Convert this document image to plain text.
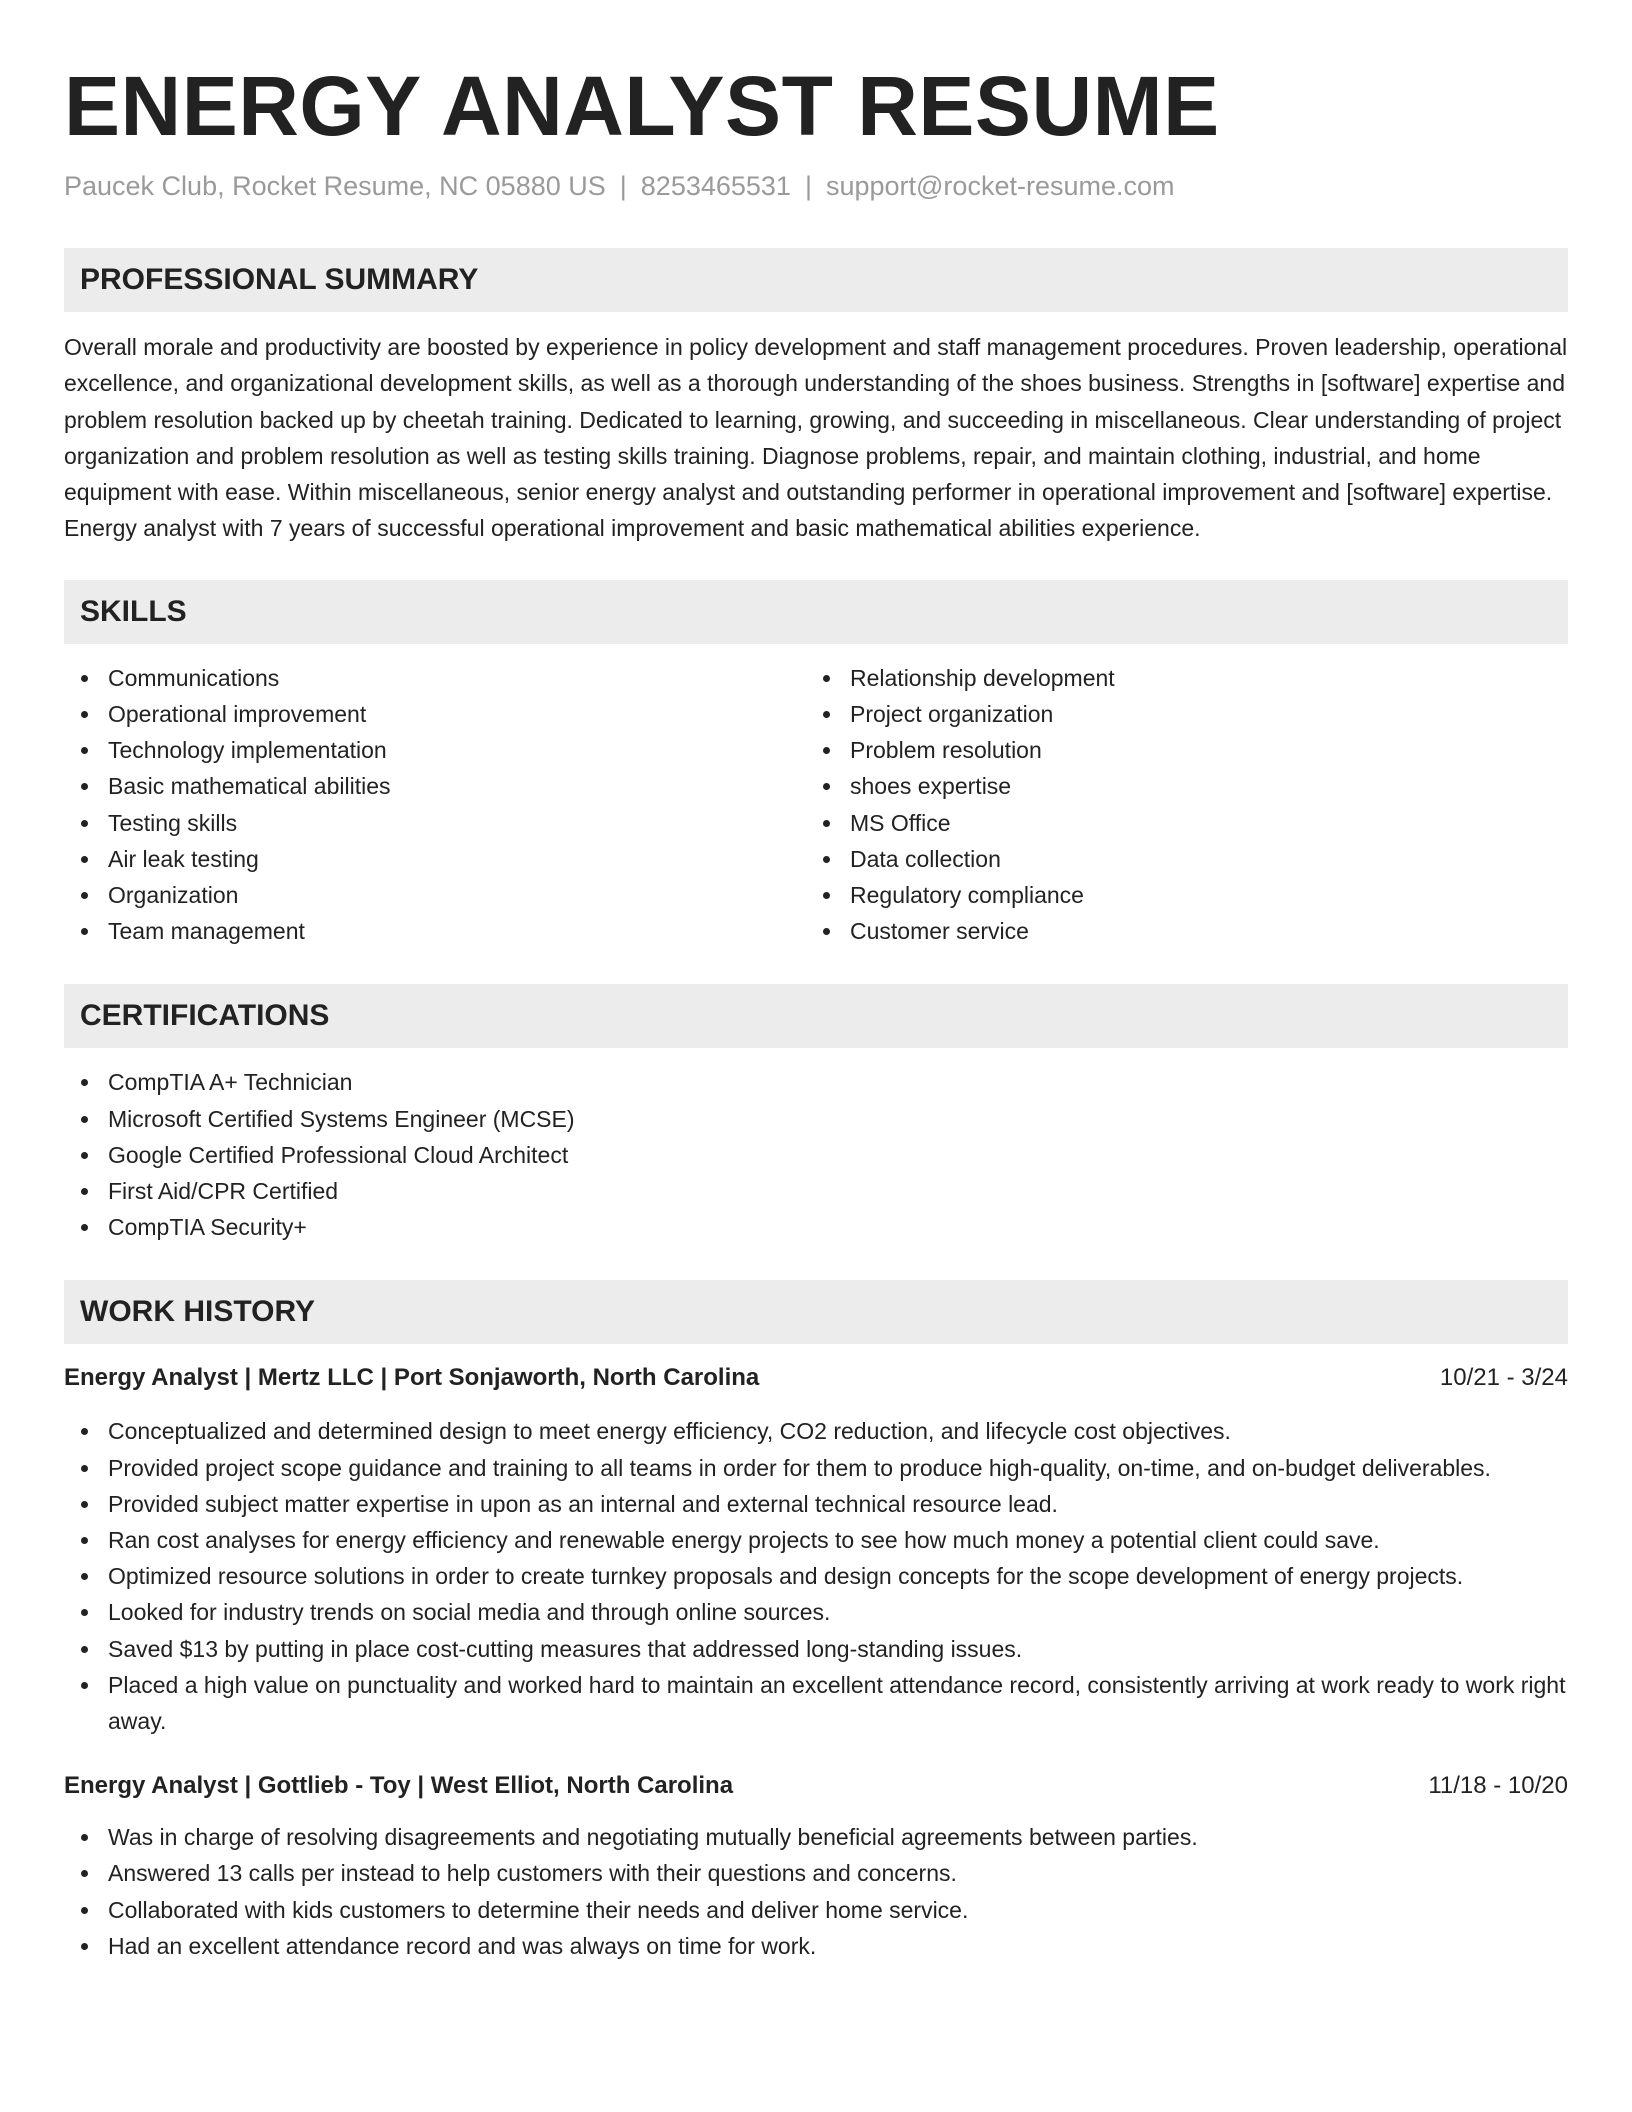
ENERGY ANALYST RESUME
Paucek Club, Rocket Resume, NC 05880 US | 8253465531 | support@rocket-resume.com
PROFESSIONAL SUMMARY

Overall morale and productivity are boosted by experience in policy development and staff management procedures. Proven leadership, operational excellence, and organizational development skills, as well as a thorough understanding of the shoes business. Strengths in [software] expertise and problem resolution backed up by cheetah training. Dedicated to learning, growing, and succeeding in miscellaneous. Clear understanding of project organization and problem resolution as well as testing skills training. Diagnose problems, repair, and maintain clothing, industrial, and home equipment with ease. Within miscellaneous, senior energy analyst and outstanding performer in operational improvement and [software] expertise. Energy analyst with 7 years of successful operational improvement and basic mathematical abilities experience.

SKILLS
Communications
Operational improvement
Technology implementation
Basic mathematical abilities
Testing skills
Air leak testing
Organization
Team management
Relationship development
Project organization
Problem resolution
shoes expertise
MS Office
Data collection
Regulatory compliance
Customer service
CERTIFICATIONS
CompTIA A+ Technician
Microsoft Certified Systems Engineer (MCSE)
Google Certified Professional Cloud Architect
First Aid/CPR Certified
CompTIA Security+
WORK HISTORY
Energy Analyst | Mertz LLC | Port Sonjaworth, North Carolina	10/21 - 3/24
Conceptualized and determined design to meet energy efficiency, CO2 reduction, and lifecycle cost objectives.
Provided project scope guidance and training to all teams in order for them to produce high-quality, on-time, and on-budget deliverables.
Provided subject matter expertise in upon as an internal and external technical resource lead.
Ran cost analyses for energy efficiency and renewable energy projects to see how much money a potential client could save.
Optimized resource solutions in order to create turnkey proposals and design concepts for the scope development of energy projects.
Looked for industry trends on social media and through online sources.
Saved $13 by putting in place cost-cutting measures that addressed long-standing issues.
Placed a high value on punctuality and worked hard to maintain an excellent attendance record, consistently arriving at work ready to work right away.
Energy Analyst | Gottlieb - Toy | West Elliot, North Carolina	11/18 - 10/20
Was in charge of resolving disagreements and negotiating mutually beneficial agreements between parties.
Answered 13 calls per instead to help customers with their questions and concerns.
Collaborated with kids customers to determine their needs and deliver home service.
Had an excellent attendance record and was always on time for work.
